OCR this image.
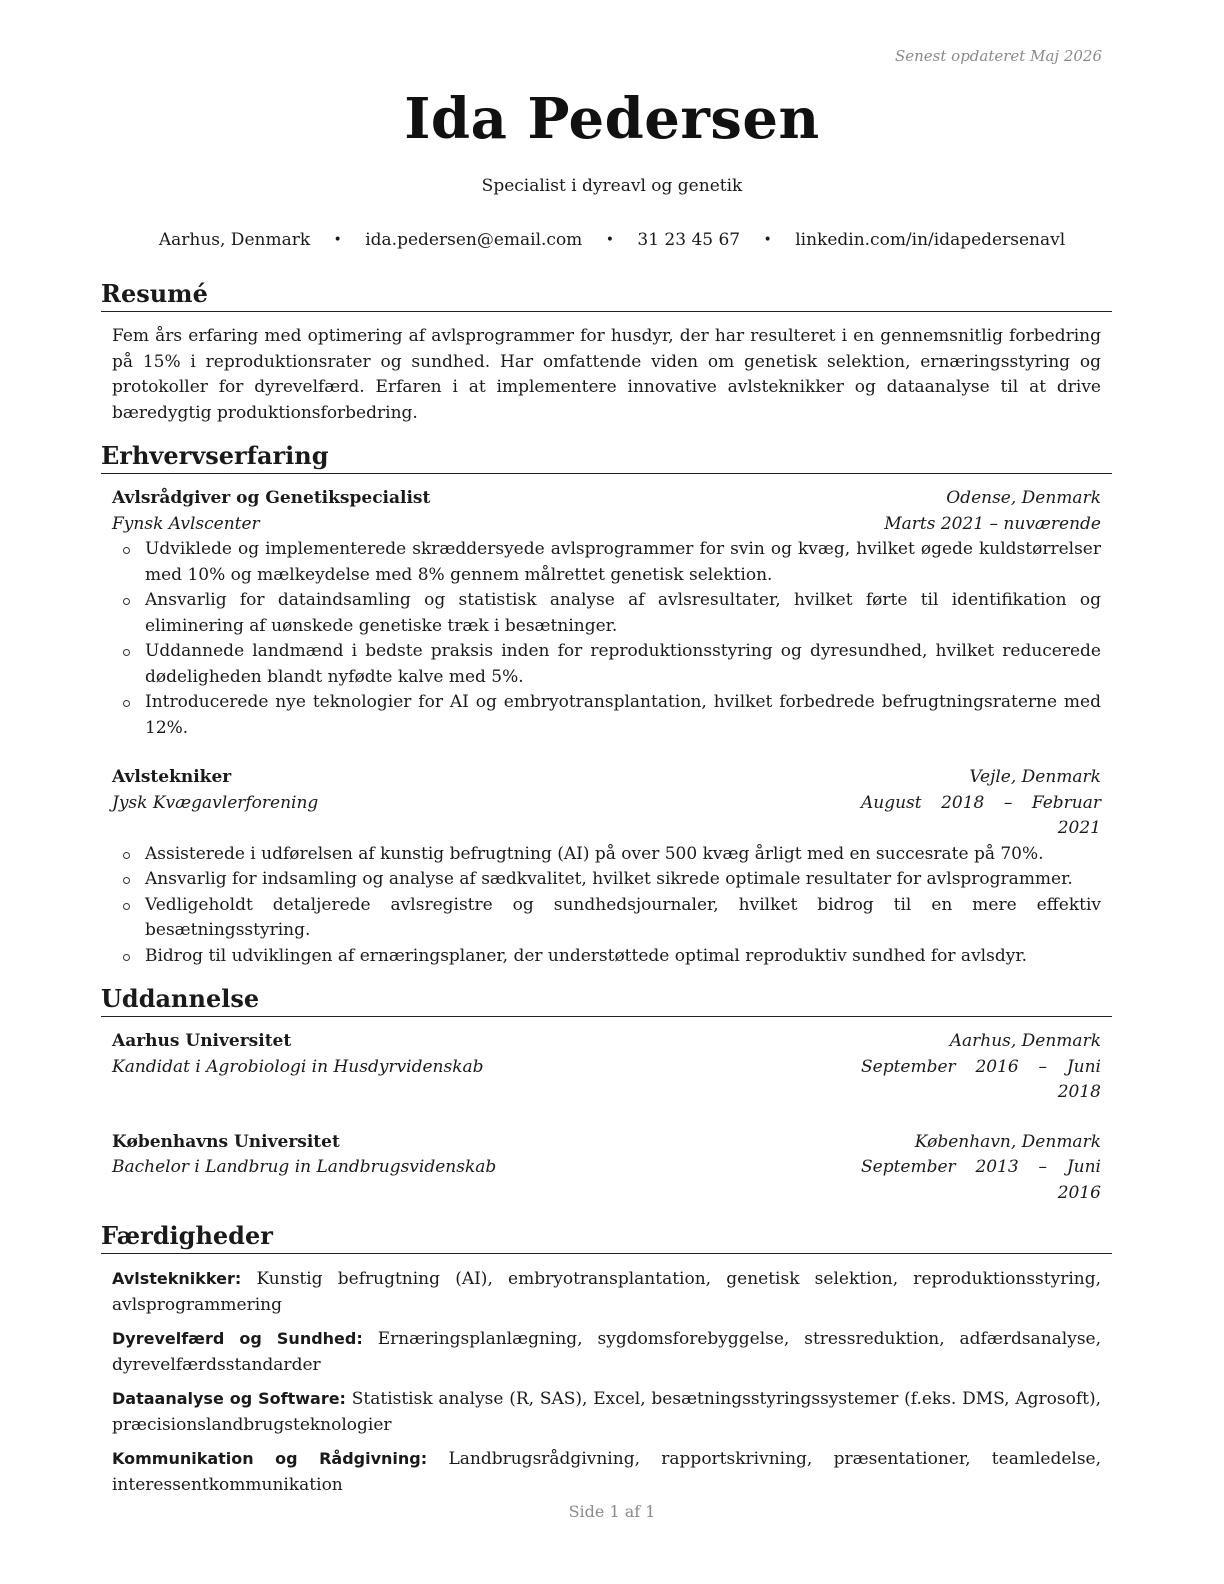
Senest opdateret Maj 2026
Ida Pedersen
Specialist i dyreavl og genetik
Aarhus, Denmark • ida.pedersen@email.com • 31 23 45 67 • linkedin.com/in/idapedersenavl
Resumé

Fem års erfaring med optimering af avlsprogrammer for husdyr, der har resulteret i en gennemsnitlig forbedring på 15% i reproduktionsrater og sundhed. Har omfattende viden om genetisk selektion, ernæringsstyring og protokoller for dyrevelfærd. Erfaren i at implementere innovative avlsteknikker og dataanalyse til at drive bæredygtig produktionsforbedring.

Erhvervserfaring
Avlsrådgiver og Genetikspecialist	Odense, Denmark
Fynsk Avlscenter	Marts 2021 – nuværende
Udviklede og implementerede skræddersyede avlsprogrammer for svin og kvæg, hvilket øgede kuldstørrelser med 10% og mælkeydelse med 8% gennem målrettet genetisk selektion.
Ansvarlig for dataindsamling og statistisk analyse af avlsresultater, hvilket førte til identifikation og eliminering af uønskede genetiske træk i besætninger.
Uddannede landmænd i bedste praksis inden for reproduktionsstyring og dyresundhed, hvilket reducerede dødeligheden blandt nyfødte kalve med 5%.
Introducerede nye teknologier for AI og embryotransplantation, hvilket forbedrede befrugtningsraterne med 12%.
Avlstekniker	Vejle, Denmark
Jysk Kvægavlerforening	August 2018 – Februar 2021
Assisterede i udførelsen af kunstig befrugtning (AI) på over 500 kvæg årligt med en succesrate på 70%.
Ansvarlig for indsamling og analyse af sædkvalitet, hvilket sikrede optimale resultater for avlsprogrammer.
Vedligeholdt detaljerede avlsregistre og sundhedsjournaler, hvilket bidrog til en mere effektiv besætningsstyring.
Bidrog til udviklingen af ernæringsplaner, der understøttede optimal reproduktiv sundhed for avlsdyr.
Uddannelse
Aarhus Universitet	Aarhus, Denmark
Kandidat i Agrobiologi in Husdyrvidenskab	September 2016 – Juni 2018
Københavns Universitet	København, Denmark
Bachelor i Landbrug in Landbrugsvidenskab	September 2013 – Juni 2016
Færdigheder
Avlsteknikker: Kunstig befrugtning (AI), embryotransplantation, genetisk selektion, reproduktionsstyring, avlsprogrammering
Dyrevelfærd og Sundhed: Ernæringsplanlægning, sygdomsforebyggelse, stressreduktion, adfærdsanalyse, dyrevelfærdsstandarder
Dataanalyse og Software: Statistisk analyse (R, SAS), Excel, besætningsstyringssystemer (f.eks. DMS, Agrosoft), præcisionslandbrugsteknologier
Kommunikation og Rådgivning: Landbrugsrådgivning, rapportskrivning, præsentationer, teamledelse, interessentkommunikation
Side 1 af 1
